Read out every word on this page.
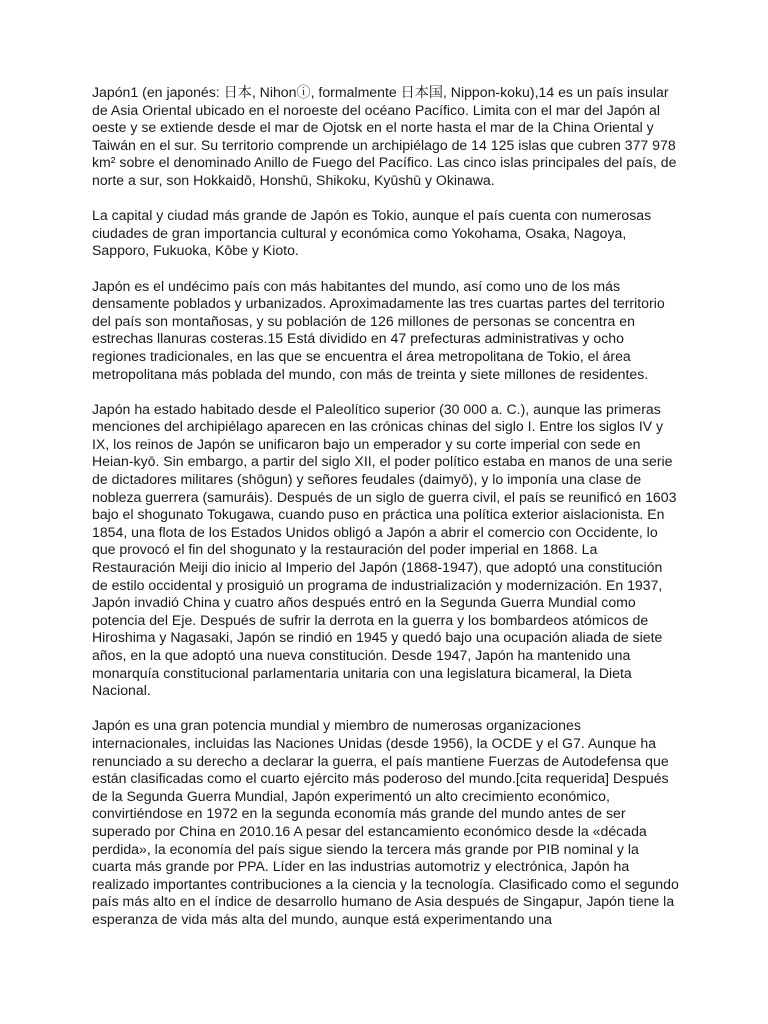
Japón1 (en japonés: 日本, Nihonⓘ, formalmente 日本国, Nippon-koku),14 es un país insular de Asia Oriental ubicado en el noroeste del océano Pacífico. Limita con el mar del Japón al oeste y se extiende desde el mar de Ojotsk en el norte hasta el mar de la China Oriental y Taiwán en el sur. Su territorio comprende un archipiélago de 14 125 islas que cubren 377 978 km² sobre el denominado Anillo de Fuego del Pacífico. Las cinco islas principales del país, de norte a sur, son Hokkaidō, Honshū, Shikoku, Kyūshū y Okinawa.

La capital y ciudad más grande de Japón es Tokio, aunque el país cuenta con numerosas ciudades de gran importancia cultural y económica como Yokohama, Osaka, Nagoya, Sapporo, Fukuoka, Kōbe y Kioto.

Japón es el undécimo país con más habitantes del mundo, así como uno de los más densamente poblados y urbanizados. Aproximadamente las tres cuartas partes del territorio del país son montañosas, y su población de 126 millones de personas se concentra en estrechas llanuras costeras.15 Está dividido en 47 prefecturas administrativas y ocho regiones tradicionales, en las que se encuentra el área metropolitana de Tokio, el área metropolitana más poblada del mundo, con más de treinta y siete millones de residentes.

Japón ha estado habitado desde el Paleolítico superior (30 000 a. C.), aunque las primeras menciones del archipiélago aparecen en las crónicas chinas del siglo I. Entre los siglos IV y IX, los reinos de Japón se unificaron bajo un emperador y su corte imperial con sede en Heian-kyō. Sin embargo, a partir del siglo XII, el poder político estaba en manos de una serie de dictadores militares (shōgun) y señores feudales (daimyō), y lo imponía una clase de nobleza guerrera (samuráis). Después de un siglo de guerra civil, el país se reunificó en 1603 bajo el shogunato Tokugawa, cuando puso en práctica una política exterior aislacionista. En 1854, una flota de los Estados Unidos obligó a Japón a abrir el comercio con Occidente, lo que provocó el fin del shogunato y la restauración del poder imperial en 1868. La Restauración Meiji dio inicio al Imperio del Japón (1868-1947), que adoptó una constitución de estilo occidental y prosiguió un programa de industrialización y modernización. En 1937, Japón invadió China y cuatro años después entró en la Segunda Guerra Mundial como potencia del Eje. Después de sufrir la derrota en la guerra y los bombardeos atómicos de Hiroshima y Nagasaki, Japón se rindió en 1945 y quedó bajo una ocupación aliada de siete años, en la que adoptó una nueva constitución. Desde 1947, Japón ha mantenido una monarquía constitucional parlamentaria unitaria con una legislatura bicameral, la Dieta Nacional.

Japón es una gran potencia mundial y miembro de numerosas organizaciones internacionales, incluidas las Naciones Unidas (desde 1956), la OCDE y el G7. Aunque ha renunciado a su derecho a declarar la guerra, el país mantiene Fuerzas de Autodefensa que están clasificadas como el cuarto ejército más poderoso del mundo.[cita requerida] Después de la Segunda Guerra Mundial, Japón experimentó un alto crecimiento económico, convirtiéndose en 1972 en la segunda economía más grande del mundo antes de ser superado por China en 2010.16 A pesar del estancamiento económico desde la «década perdida», la economía del país sigue siendo la tercera más grande por PIB nominal y la cuarta más grande por PPA. Líder en las industrias automotriz y electrónica, Japón ha realizado importantes contribuciones a la ciencia y la tecnología. Clasificado como el segundo país más alto en el índice de desarrollo humano de Asia después de Singapur, Japón tiene la esperanza de vida más alta del mundo, aunque está experimentando una
